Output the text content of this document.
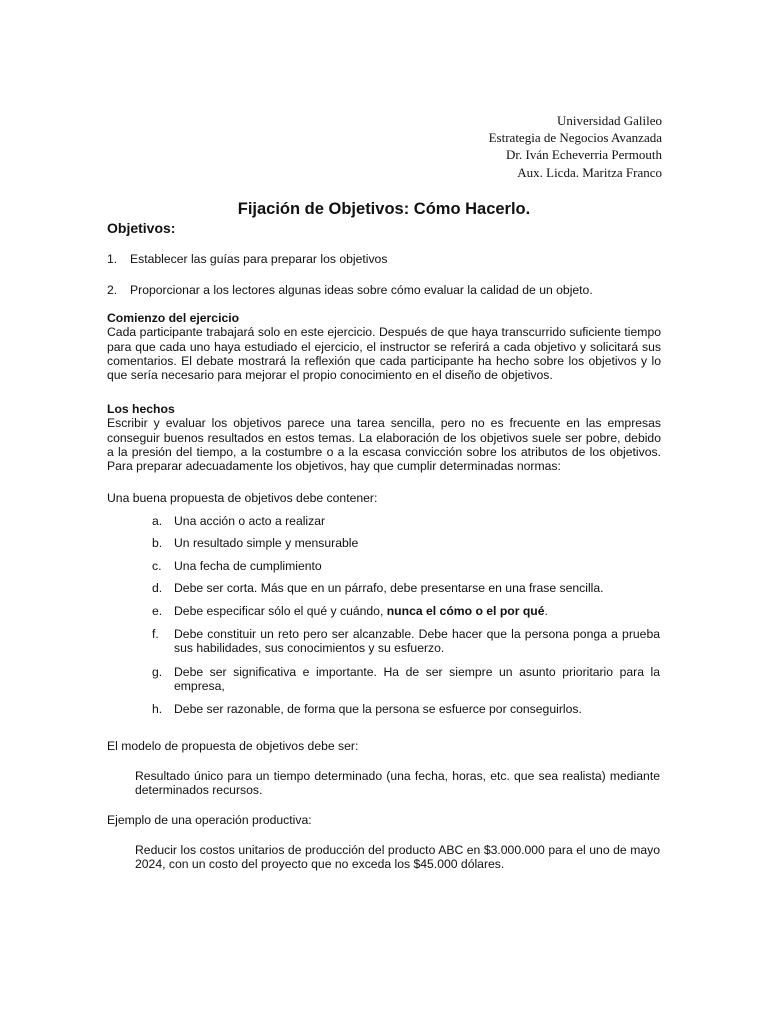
Universidad Galileo
Estrategia de Negocios Avanzada
Dr. Iván Echeverria Permouth
Aux. Licda. Maritza Franco
Fijación de Objetivos: Cómo Hacerlo.
Objetivos:
1. Establecer las guías para preparar los objetivos
2. Proporcionar a los lectores algunas ideas sobre cómo evaluar la calidad de un objeto.
Comienzo del ejercicio
Cada participante trabajará solo en este ejercicio. Después de que haya transcurrido suficiente tiempo para que cada uno haya estudiado el ejercicio, el instructor se referirá a cada objetivo y solicitará sus comentarios. El debate mostrará la reflexión que cada participante ha hecho sobre los objetivos y lo que sería necesario para mejorar el propio conocimiento en el diseño de objetivos.
Los hechos
Escribir y evaluar los objetivos parece una tarea sencilla, pero no es frecuente en las empresas conseguir buenos resultados en estos temas. La elaboración de los objetivos suele ser pobre, debido a la presión del tiempo, a la costumbre o a la escasa convicción sobre los atributos de los objetivos. Para preparar adecuadamente los objetivos, hay que cumplir determinadas normas:
Una buena propuesta de objetivos debe contener:
a. Una acción o acto a realizar
b. Un resultado simple y mensurable
c.	Una fecha de cumplimiento
d. Debe ser corta. Más que en un párrafo, debe presentarse en una frase sencilla.
e. Debe especificar sólo el qué y cuándo, nunca el cómo o el por qué.
f.	Debe constituir un reto pero ser alcanzable. Debe hacer que la persona ponga a prueba sus habilidades, sus conocimientos y su esfuerzo.
g. Debe ser significativa e importante. Ha de ser siempre un asunto prioritario para la empresa,
h. Debe ser razonable, de forma que la persona se esfuerce por conseguirlos.
El modelo de propuesta de objetivos debe ser:
Resultado único para un tiempo determinado (una fecha, horas, etc. que sea realista) mediante determinados recursos.
Ejemplo de una operación productiva:
Reducir los costos unitarios de producción del producto ABC en $3.000.000 para el uno de mayo 2024, con un costo del proyecto que no exceda los $45.000 dólares.
